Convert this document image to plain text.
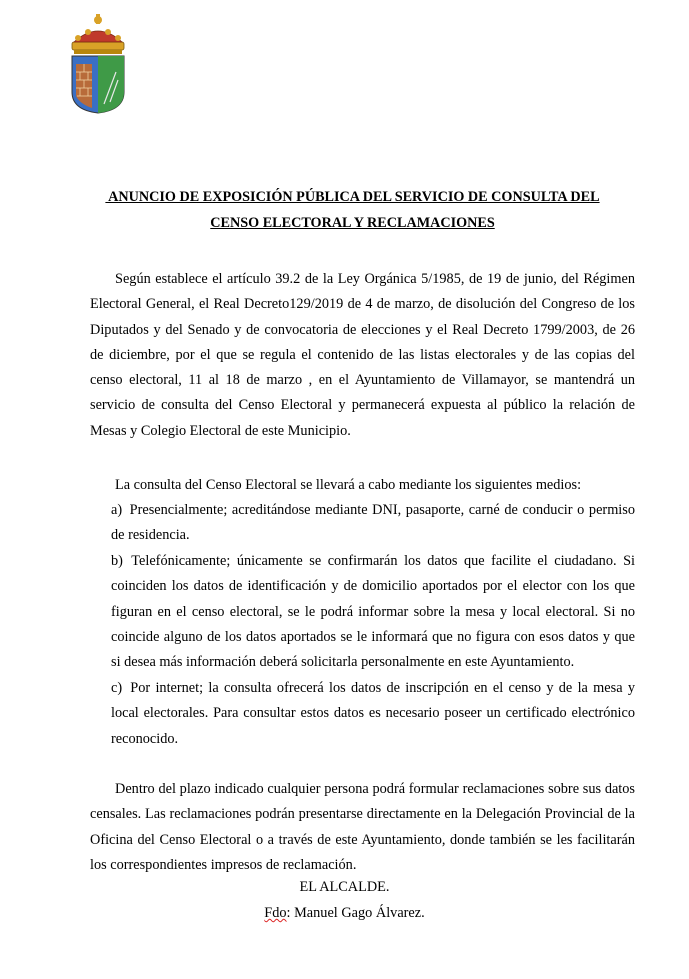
ANUNCIO DE EXPOSICIÓN PÚBLICA DEL SERVICIO DE CONSULTA DEL
CENSO ELECTORAL Y RECLAMACIONES
Según establece el artículo 39.2 de la Ley Orgánica 5/1985, de 19 de junio, del Régimen Electoral General, el Real Decreto129/2019 de 4 de marzo, de disolución del Congreso de los Diputados y del Senado y de convocatoria de elecciones y el Real Decreto 1799/2003, de 26 de diciembre, por el que se regula el contenido de las listas electorales y de las copias del censo electoral, 11 al 18 de marzo , en el Ayuntamiento de Villamayor, se mantendrá un servicio de consulta del Censo Electoral y permanecerá expuesta al público la relación de Mesas y Colegio Electoral de este Municipio.
La consulta del Censo Electoral se llevará a cabo mediante los siguientes medios:
a) Presencialmente; acreditándose mediante DNI, pasaporte, carné de conducir o permiso de residencia.
b) Telefónicamente; únicamente se confirmarán los datos que facilite el ciudadano. Si coinciden los datos de identificación y de domicilio aportados por el elector con los que figuran en el censo electoral, se le podrá informar sobre la mesa y local electoral. Si no coincide alguno de los datos aportados se le informará que no figura con esos datos y que si desea más información deberá solicitarla personalmente en este Ayuntamiento.
c) Por internet; la consulta ofrecerá los datos de inscripción en el censo y de la mesa y local electorales. Para consultar estos datos es necesario poseer un certificado electrónico reconocido.
Dentro del plazo indicado cualquier persona podrá formular reclamaciones sobre sus datos censales. Las reclamaciones podrán presentarse directamente en la Delegación Provincial de la Oficina del Censo Electoral o a través de este Ayuntamiento, donde también se les facilitarán los correspondientes impresos de reclamación.
EL ALCALDE.
Fdo: Manuel Gago Álvarez.
